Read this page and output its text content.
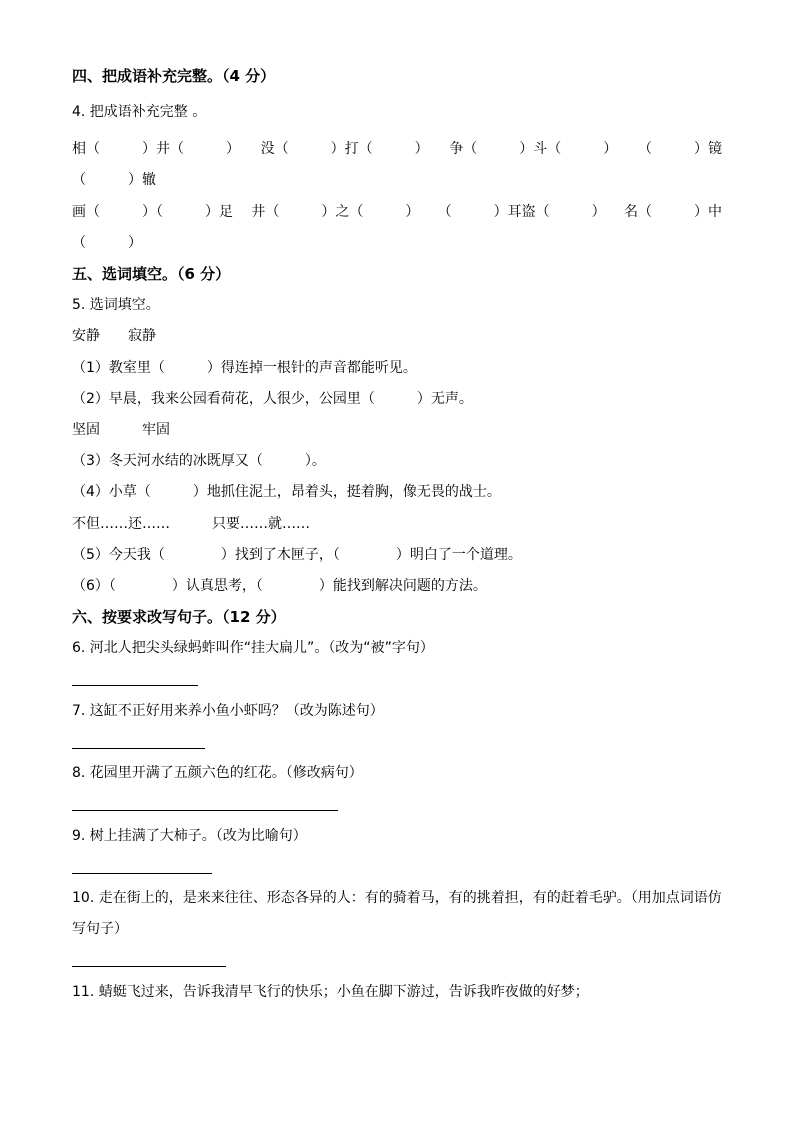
四、把成语补充完整。（4 分）
4. 把成语补充完整 。
相（　　　）井（　　　） 没（　　　）打（　　　） 争（　　　）斗（　　　） （　　　）镜
（　　　）辙
画（　　　）（　　　）足 井（　　　）之（　　　） （　　　）耳盗（　　　） 名（　　　）中
（　　　）
五、选词填空。（6 分）
5. 选词填空。
安静　　寂静
（1）教室里（　　　）得连掉一根针的声音都能听见。
（2）早晨，我来公园看荷花，人很少，公园里（　　　）无声。
坚固　　　牢固
（3）冬天河水结的冰既厚又（　　　）。
（4）小草（　　　）地抓住泥土，昂着头，挺着胸，像无畏的战士。
不但……还……　　　只要……就……
（5）今天我（　　　　）找到了木匣子，（　　　　）明白了一个道理。
（6）（　　　　）认真思考，（　　　　）能找到解决问题的方法。
六、按要求改写句子。（12 分）
6. 河北人把尖头绿蚂蚱叫作“挂大扁儿”。（改为“被”字句）
7. 这缸不正好用来养小鱼小虾吗？（改为陈述句）
8. 花园里开满了五颜六色的红花。（修改病句）
9. 树上挂满了大柿子。（改为比喻句）
10. 走在街上的，是来来往往、形态各异的人：有的骑着马，有的挑着担，有的赶着毛驴。（用加点词语仿
写句子）
11. 蜻蜓飞过来，告诉我清早飞行的快乐；小鱼在脚下游过，告诉我昨夜做的好梦；
